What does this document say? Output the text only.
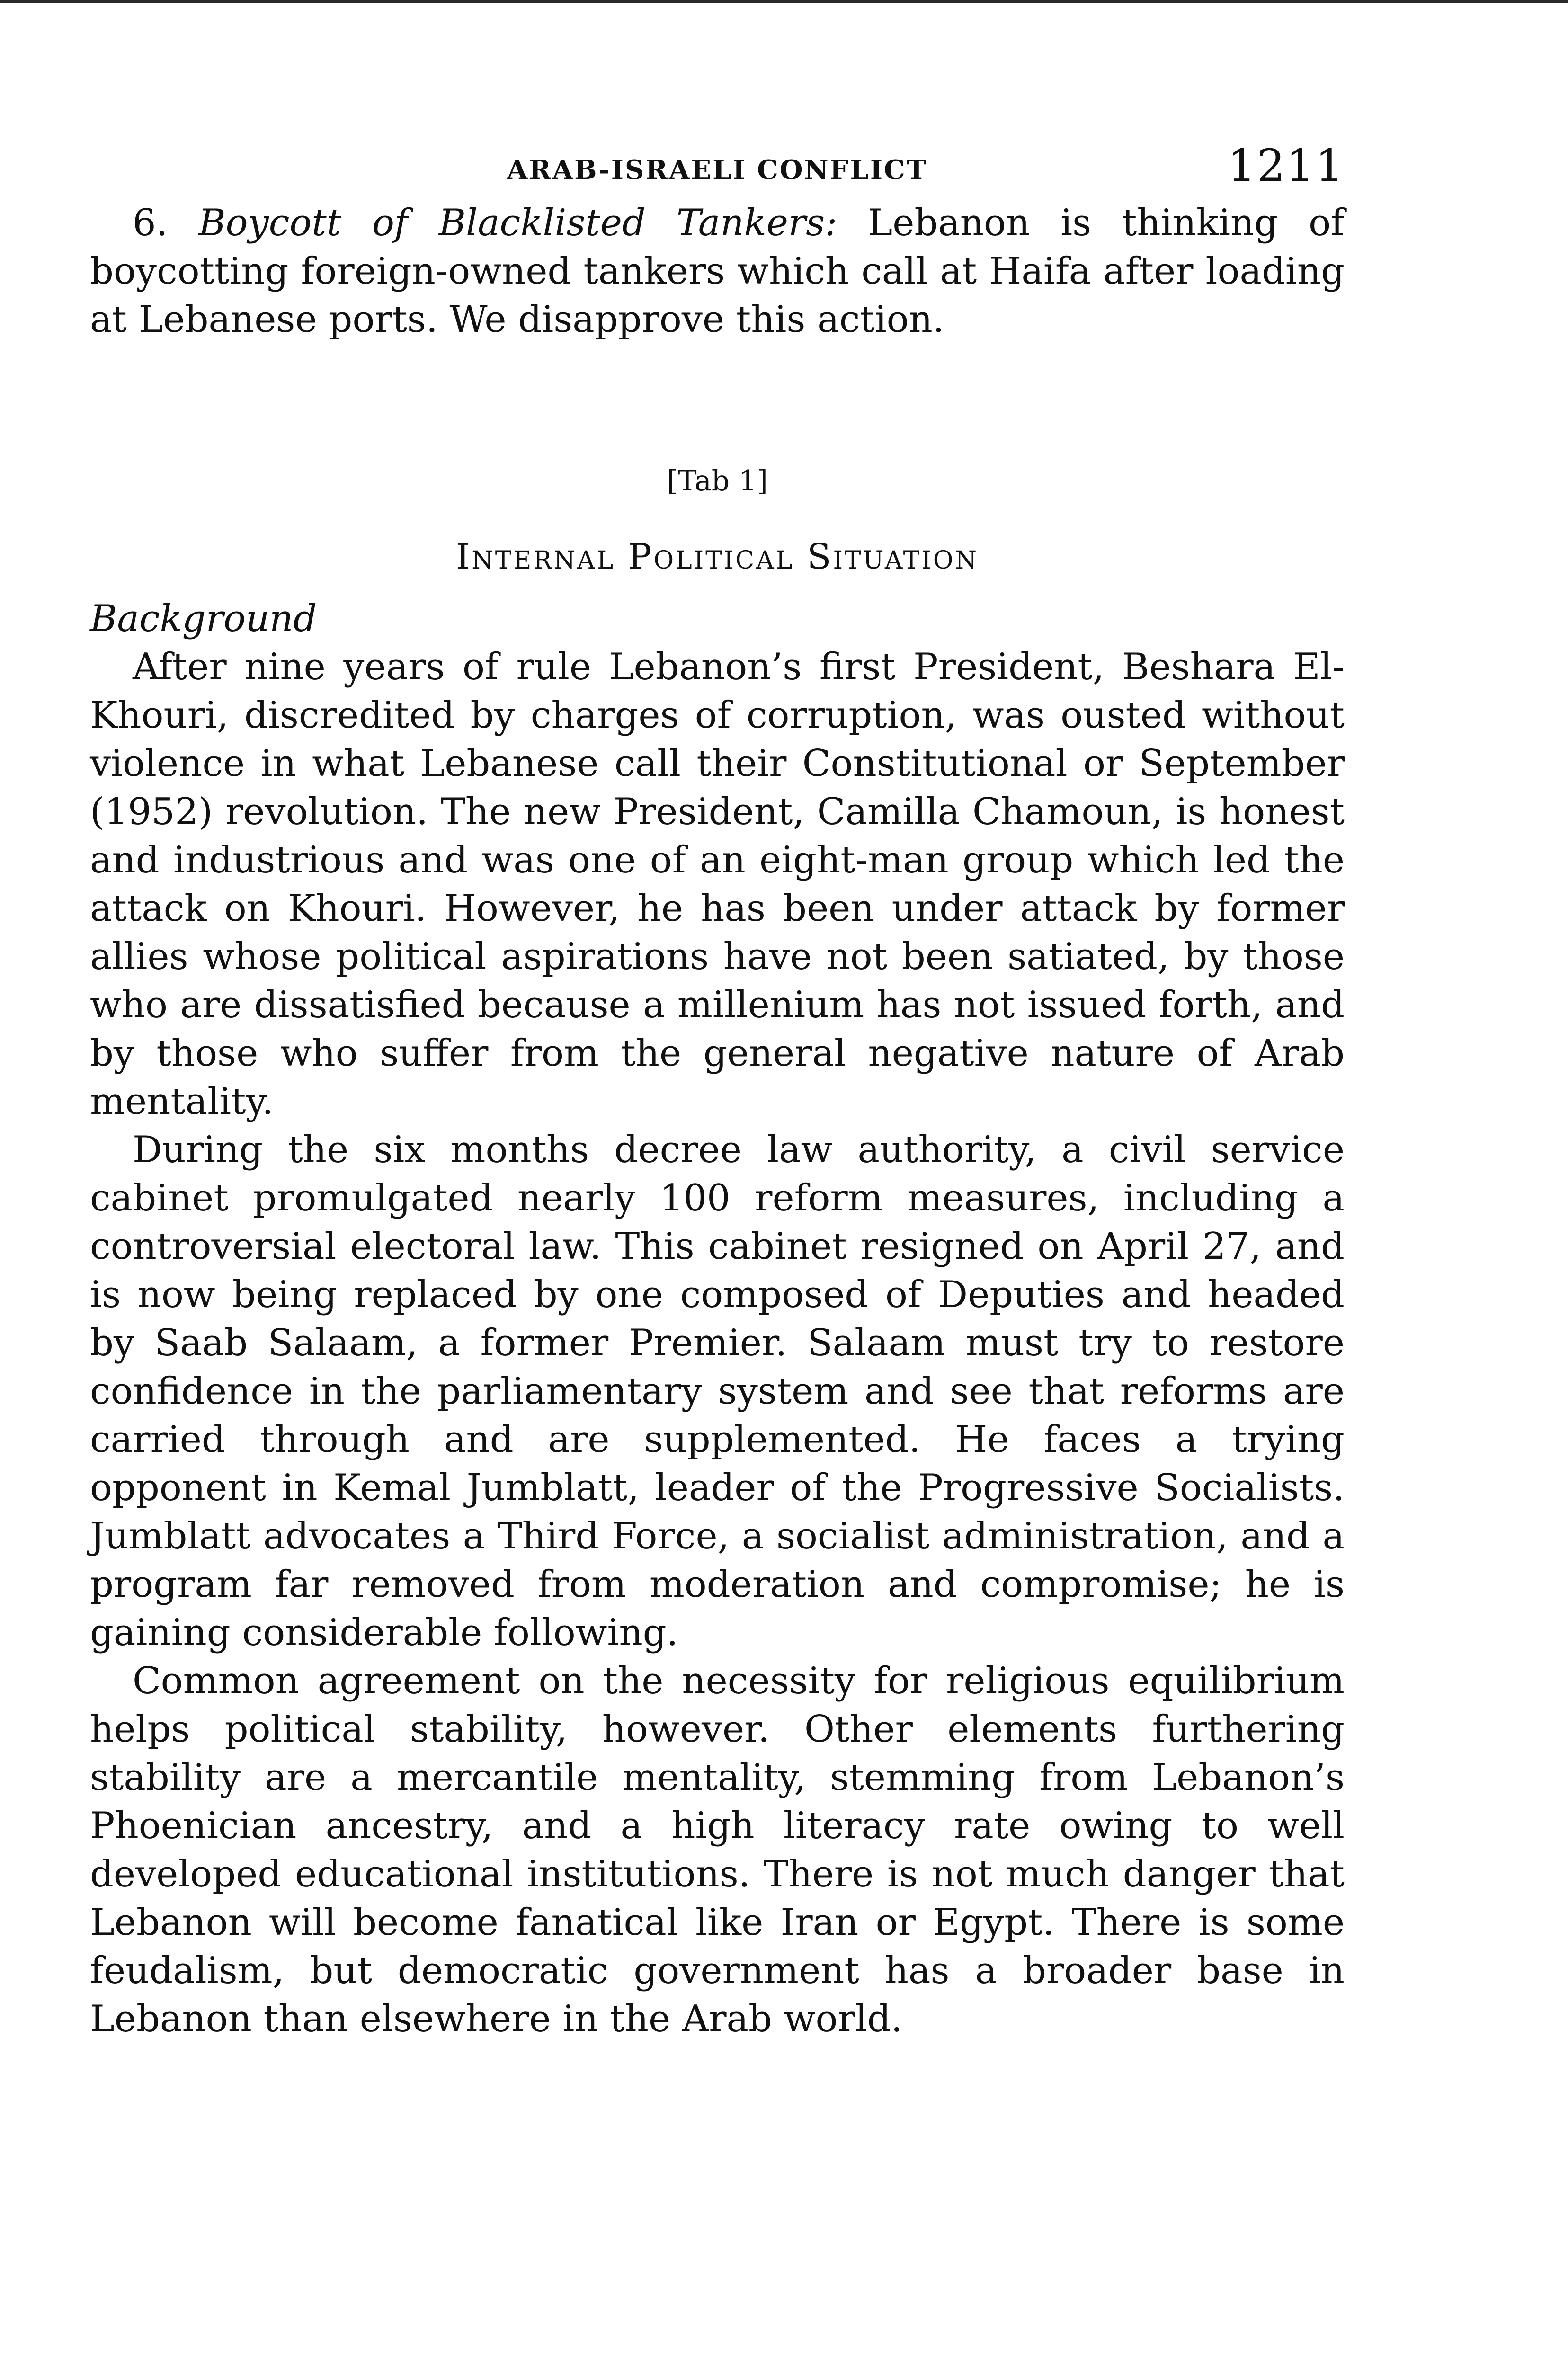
ARAB-ISRAELI CONFLICT	1211

6. Boycott of Blacklisted Tankers: Lebanon is thinking of boycotting foreign-owned tankers which call at Haifa after loading at Lebanese ports. We disapprove this action.

[Tab 1]
Internal Political Situation
Background

After nine years of rule Lebanon’s first President, Beshara El-Khouri, discredited by charges of corruption, was ousted without violence in what Lebanese call their Constitutional or September (1952) revolution. The new President, Camilla Chamoun, is honest and industrious and was one of an eight-man group which led the attack on Khouri. However, he has been under attack by former allies whose political aspirations have not been satiated, by those who are dissatisfied because a millenium has not issued forth, and by those who suffer from the general negative nature of Arab mentality.

During the six months decree law authority, a civil service cabinet promulgated nearly 100 reform measures, including a controversial electoral law. This cabinet resigned on April 27, and is now being replaced by one composed of Deputies and headed by Saab Salaam, a former Premier. Salaam must try to restore confidence in the parliamentary system and see that reforms are carried through and are supplemented. He faces a trying opponent in Kemal Jumblatt, leader of the Progressive Socialists. Jumblatt advocates a Third Force, a socialist administration, and a program far removed from moderation and compromise; he is gaining considerable following.

Common agreement on the necessity for religious equilibrium helps political stability, however. Other elements furthering stability are a mercantile mentality, stemming from Lebanon’s Phoenician ancestry, and a high literacy rate owing to well developed educational institutions. There is not much danger that Lebanon will become fanatical like Iran or Egypt. There is some feudalism, but democratic government has a broader base in Lebanon than elsewhere in the Arab world.
